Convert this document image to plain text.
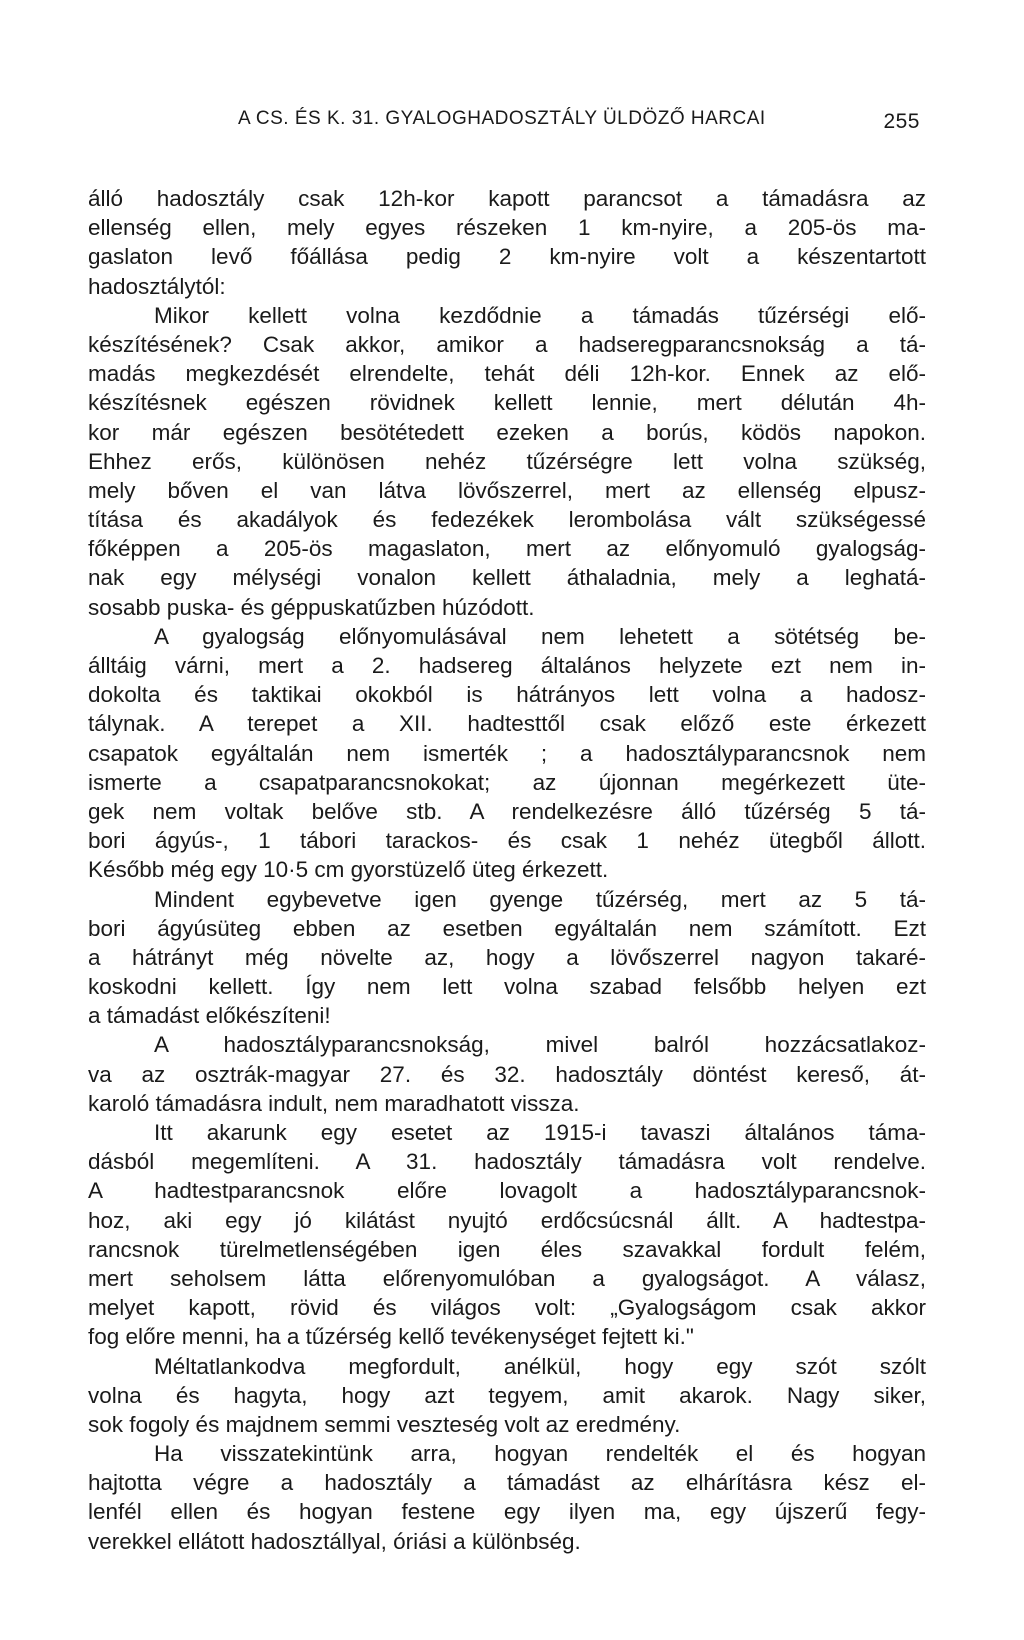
A CS. ÉS K. 31. GYALOGHADOSZTÁLY ÜLDÖZŐ HARCAI	255
álló hadosztály csak 12h-kor kapott parancsot a támadásra az
ellenség ellen, mely egyes részeken 1 km-nyire, a 205-ös ma-
gaslaton levő főállása pedig 2 km-nyire volt a készentartott
hadosztálytól:
Mikor kellett volna kezdődnie a támadás tűzérségi elő-
készítésének? Csak akkor, amikor a hadseregparancsnokság a tá-
madás megkezdését elrendelte, tehát déli 12h-kor. Ennek az elő-
készítésnek egészen rövidnek kellett lennie, mert délután 4h-
kor már egészen besötétedett ezeken a borús, ködös napokon.
Ehhez erős, különösen nehéz tűzérségre lett volna szükség,
mely bőven el van látva lövőszerrel, mert az ellenség elpusz-
títása és akadályok és fedezékek lerombolása vált szükségessé
főképpen a 205-ös magaslaton, mert az előnyomuló gyalogság-
nak egy mélységi vonalon kellett áthaladnia, mely a leghatá-
sosabb puska- és géppuskatűzben húzódott.
A gyalogság előnyomulásával nem lehetett a sötétség be-
álltáig várni, mert a 2. hadsereg általános helyzete ezt nem in-
dokolta és taktikai okokból is hátrányos lett volna a hadosz-
tálynak. A terepet a XII. hadtesttől csak előző este érkezett
csapatok egyáltalán nem ismerték ; a hadosztályparancsnok nem
ismerte a csapatparancsnokokat; az újonnan megérkezett üte-
gek nem voltak belőve stb. A rendelkezésre álló tűzérség 5 tá-
bori ágyús-, 1 tábori tarackos- és csak 1 nehéz ütegből állott.
Később még egy 10·5 cm gyorstüzelő üteg érkezett.
Mindent egybevetve igen gyenge tűzérség, mert az 5 tá-
bori ágyúsüteg ebben az esetben egyáltalán nem számított. Ezt
a hátrányt még növelte az, hogy a lövőszerrel nagyon takaré-
koskodni kellett. Így nem lett volna szabad felsőbb helyen ezt
a támadást előkészíteni!
A hadosztályparancsnokság, mivel balról hozzácsatlakoz-
va az osztrák-magyar 27. és 32. hadosztály döntést kereső, át-
karoló támadásra indult, nem maradhatott vissza.
Itt akarunk egy esetet az 1915-i tavaszi általános táma-
dásból megemlíteni. A 31. hadosztály támadásra volt rendelve.
A hadtestparancsnok előre lovagolt a hadosztályparancsnok-
hoz, aki egy jó kilátást nyujtó erdőcsúcsnál állt. A hadtestpa-
rancsnok türelmetlenségében igen éles szavakkal fordult felém,
mert seholsem látta előrenyomulóban a gyalogságot. A válasz,
melyet kapott, rövid és világos volt: „Gyalogságom csak akkor
fog előre menni, ha a tűzérség kellő tevékenységet fejtett ki."
Méltatlankodva megfordult, anélkül, hogy egy szót szólt
volna és hagyta, hogy azt tegyem, amit akarok. Nagy siker,
sok fogoly és majdnem semmi veszteség volt az eredmény.
Ha visszatekintünk arra, hogyan rendelték el és hogyan
hajtotta végre a hadosztály a támadást az elhárításra kész el-
lenfél ellen és hogyan festene egy ilyen ma, egy újszerű fegy-
verekkel ellátott hadosztállyal, óriási a különbség.
